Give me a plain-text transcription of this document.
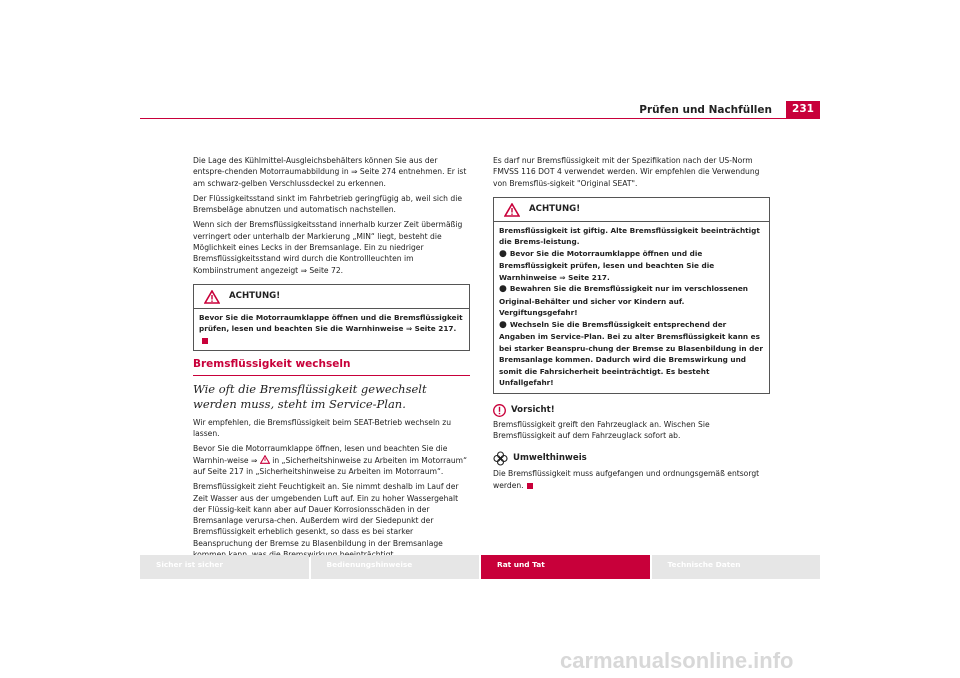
Prüfen und Nachfüllen	231

Die Lage des Kühlmittel-Ausgleichsbehälters können Sie aus der entspre-chenden Motorraumabbildung in ⇒ Seite 274 entnehmen. Er ist am schwarz-gelben Verschlussdeckel zu erkennen.

Der Flüssigkeitsstand sinkt im Fahrbetrieb geringfügig ab, weil sich die Bremsbeläge abnutzen und automatisch nachstellen.

Wenn sich der Bremsflüssigkeitsstand innerhalb kurzer Zeit übermäßig verringert oder unterhalb der Markierung „MIN“ liegt, besteht die Möglichkeit eines Lecks in der Bremsanlage. Ein zu niedriger Bremsflüssigkeitsstand wird durch die Kontrollleuchten im Kombiinstrument angezeigt ⇒ Seite 72.

ACHTUNG!
Bevor Sie die Motorraumklappe öffnen und die Bremsflüssigkeit prüfen, lesen und beachten Sie die Warnhinweise ⇒ Seite 217.
Bremsflüssigkeit wechseln
Wie oft die Bremsflüssigkeit gewechselt werden muss, steht im Service-Plan.

Wir empfehlen, die Bremsflüssigkeit beim SEAT-Betrieb wechseln zu lassen.

Bevor Sie die Motorraumklappe öffnen, lesen und beachten Sie die Warnhin-weise ⇒ in „Sicherheitshinweise zu Arbeiten im Motorraum“ auf Seite 217 in „Sicherheitshinweise zu Arbeiten im Motorraum“.

Bremsflüssigkeit zieht Feuchtigkeit an. Sie nimmt deshalb im Lauf der Zeit Wasser aus der umgebenden Luft auf. Ein zu hoher Wassergehalt der Flüssig-keit kann aber auf Dauer Korrosionsschäden in der Bremsanlage verursa-chen. Außerdem wird der Siedepunkt der Bremsflüssigkeit erheblich gesenkt, so dass es bei starker Beanspruchung der Bremse zu Blasenbildung in der Bremsanlage

Es darf nur Bremsflüssigkeit mit der Spezifikation nach der US-Norm FMVSS 116 DOT 4 verwendet werden. Wir empfehlen die Verwendung von Bremsflüs-sigkeit "Original SEAT".

ACHTUNG!

Bremsflüssigkeit ist giftig. Alte Bremsflüssigkeit beeinträchtigt die Brems-leistung.

● Bevor Sie die Motorraumklappe öffnen und die Bremsflüssigkeit prüfen, lesen und beachten Sie die Warnhinweise ⇒ Seite 217.

● Bewahren Sie die Bremsflüssigkeit nur im verschlossenen Original-Behälter und sicher vor Kindern auf. Vergiftungsgefahr!

● Wechseln Sie die Bremsflüssigkeit entsprechend der Angaben im Service-Plan. Bei zu alter Bremsflüssigkeit kann es bei starker Beanspru-chung der Bremse zu Blasenbildung in der Bremsanlage kommen. Dadurch wird die Bremswirkung und somit die Fahrsicherheit beeinträchtigt. Es besteht Unfallgefahr!

Vorsicht!

Bremsflüssigkeit greift den Fahrzeuglack an. Wischen Sie Bremsflüssigkeit auf dem Fahrzeuglack sofort ab.

Umwelthinweis

Die Bremsflüssigkeit muss aufgefangen und ordnungsgemäß entsorgt werden.

Sicher ist sicher	Bedienungshinweise	Rat und Tat	Technische Daten
carmanualsonline.info
